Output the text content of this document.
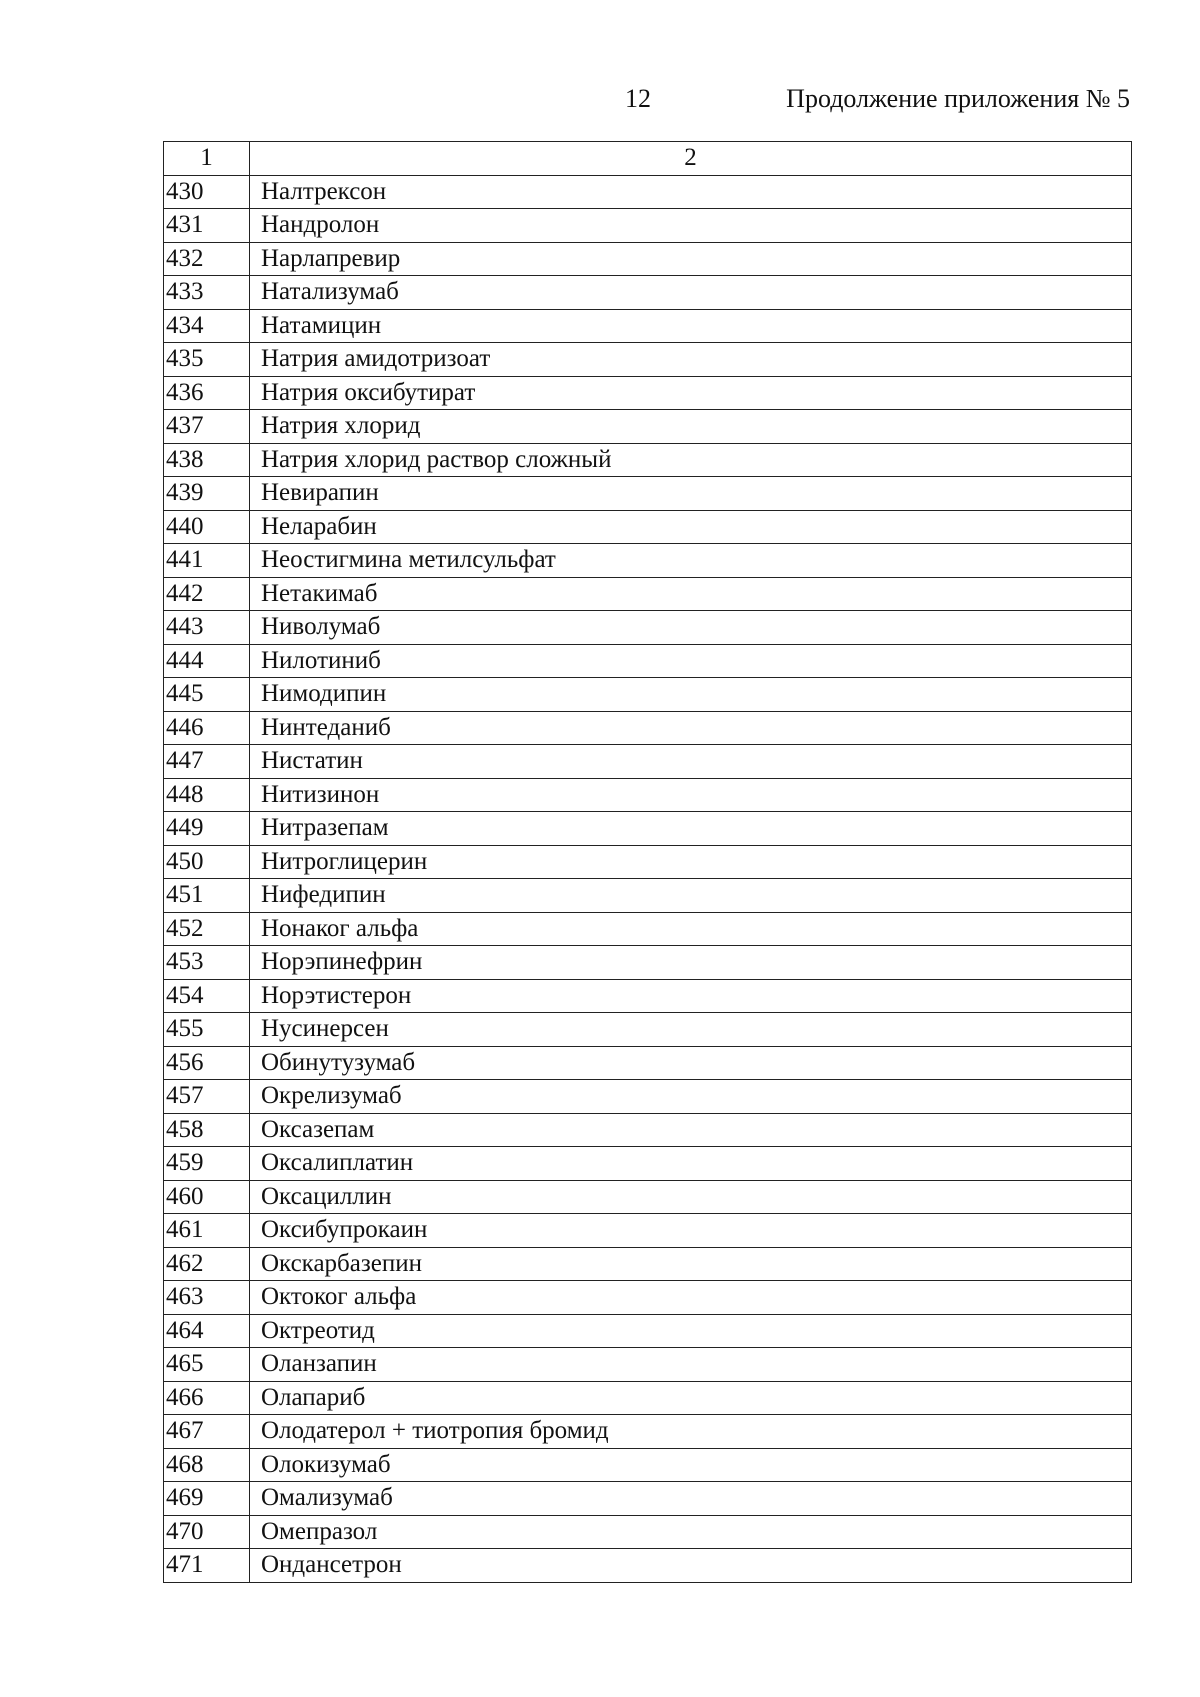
12	Продолжение приложения № 5
1	2
430	Налтрексон
431	Нандролон
432	Нарлапревир
433	Натализумаб
434	Натамицин
435	Натрия амидотризоат
436	Натрия оксибутират
437	Натрия хлорид
438	Натрия хлорид раствор сложный
439	Невирапин
440	Неларабин
441	Неостигмина метилсульфат
442	Нетакимаб
443	Ниволумаб
444	Нилотиниб
445	Нимодипин
446	Нинтеданиб
447	Нистатин
448	Нитизинон
449	Нитразепам
450	Нитроглицерин
451	Нифедипин
452	Нонаког альфа
453	Норэпинефрин
454	Норэтистерон
455	Нусинерсен
456	Обинутузумаб
457	Окрелизумаб
458	Оксазепам
459	Оксалиплатин
460	Оксациллин
461	Оксибупрокаин
462	Окскарбазепин
463	Октоког альфа
464	Октреотид
465	Оланзапин
466	Олапариб
467	Олодатерол + тиотропия бромид
468	Олокизумаб
469	Омализумаб
470	Омепразол
471	Ондансетрон
